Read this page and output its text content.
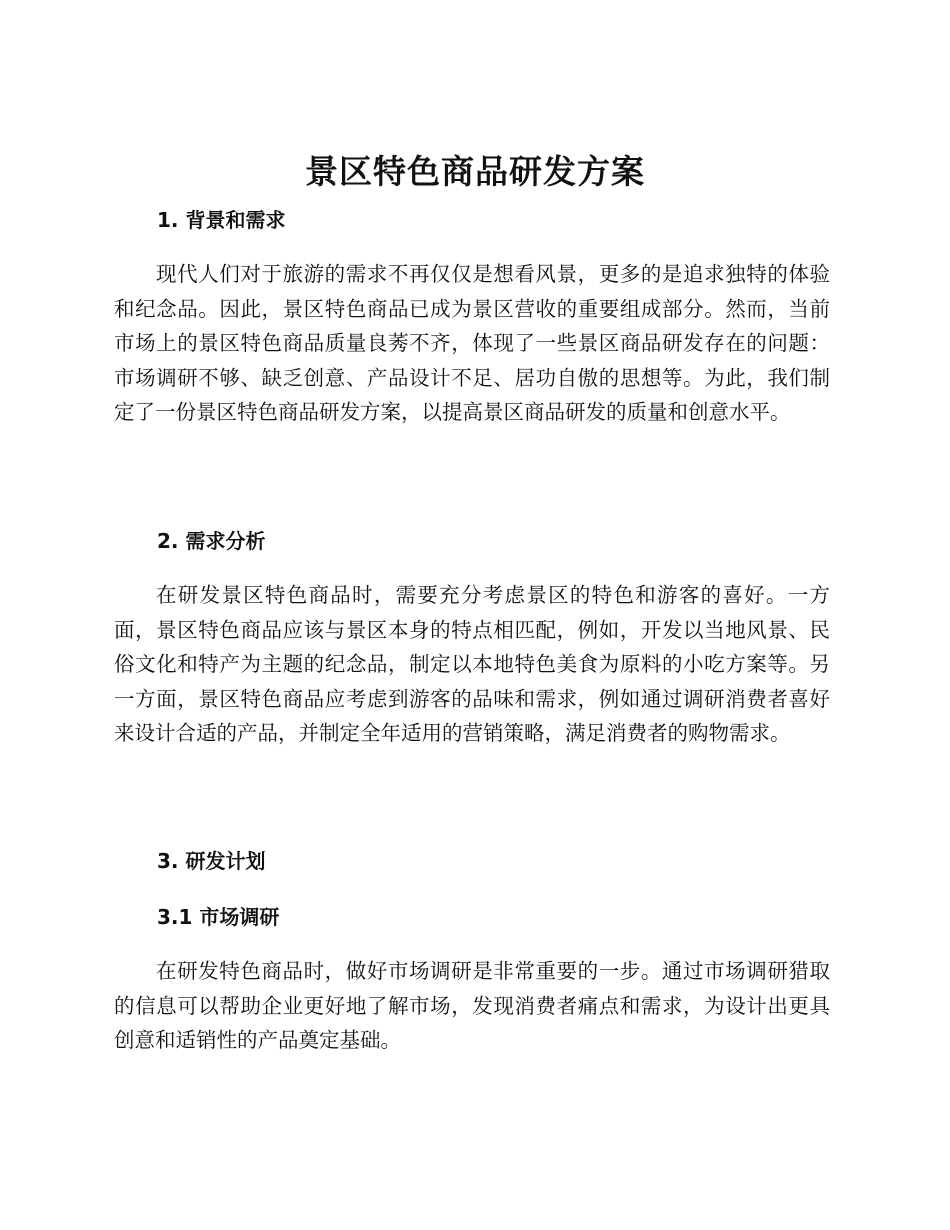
景区特色商品研发方案
1. 背景和需求

现代人们对于旅游的需求不再仅仅是想看风景，更多的是追求独特的体验和纪念品。因此，景区特色商品已成为景区营收的重要组成部分。然而，当前市场上的景区特色商品质量良莠不齐，体现了一些景区商品研发存在的问题：市场调研不够、缺乏创意、产品设计不足、居功自傲的思想等。为此，我们制定了一份景区特色商品研发方案，以提高景区商品研发的质量和创意水平。

2. 需求分析

在研发景区特色商品时，需要充分考虑景区的特色和游客的喜好。一方面，景区特色商品应该与景区本身的特点相匹配，例如，开发以当地风景、民俗文化和特产为主题的纪念品，制定以本地特色美食为原料的小吃方案等。另一方面，景区特色商品应考虑到游客的品味和需求，例如通过调研消费者喜好来设计合适的产品，并制定全年适用的营销策略，满足消费者的购物需求。

3. 研发计划
3.1 市场调研

在研发特色商品时，做好市场调研是非常重要的一步。通过市场调研猎取的信息可以帮助企业更好地了解市场，发现消费者痛点和需求，为设计出更具创意和适销性的产品奠定基础。
